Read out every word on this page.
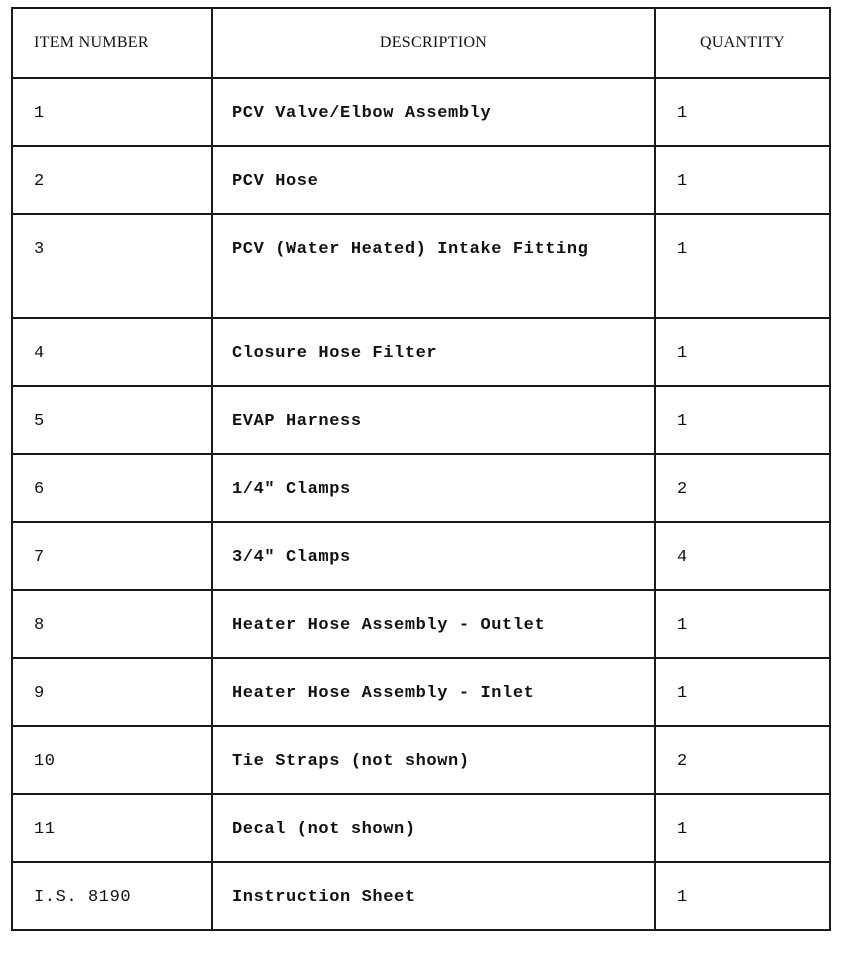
ITEM NUMBER	DESCRIPTION	QUANTITY
1	PCV Valve/Elbow Assembly	1
2	PCV Hose	1
3	PCV (Water Heated) Intake Fitting	1
4	Closure Hose Filter	1
5	EVAP Harness	1
6	1/4" Clamps	2
7	3/4" Clamps	4
8	Heater Hose Assembly - Outlet	1
9	Heater Hose Assembly - Inlet	1
10	Tie Straps (not shown)	2
11	Decal (not shown)	1
I.S. 8190	Instruction Sheet	1
